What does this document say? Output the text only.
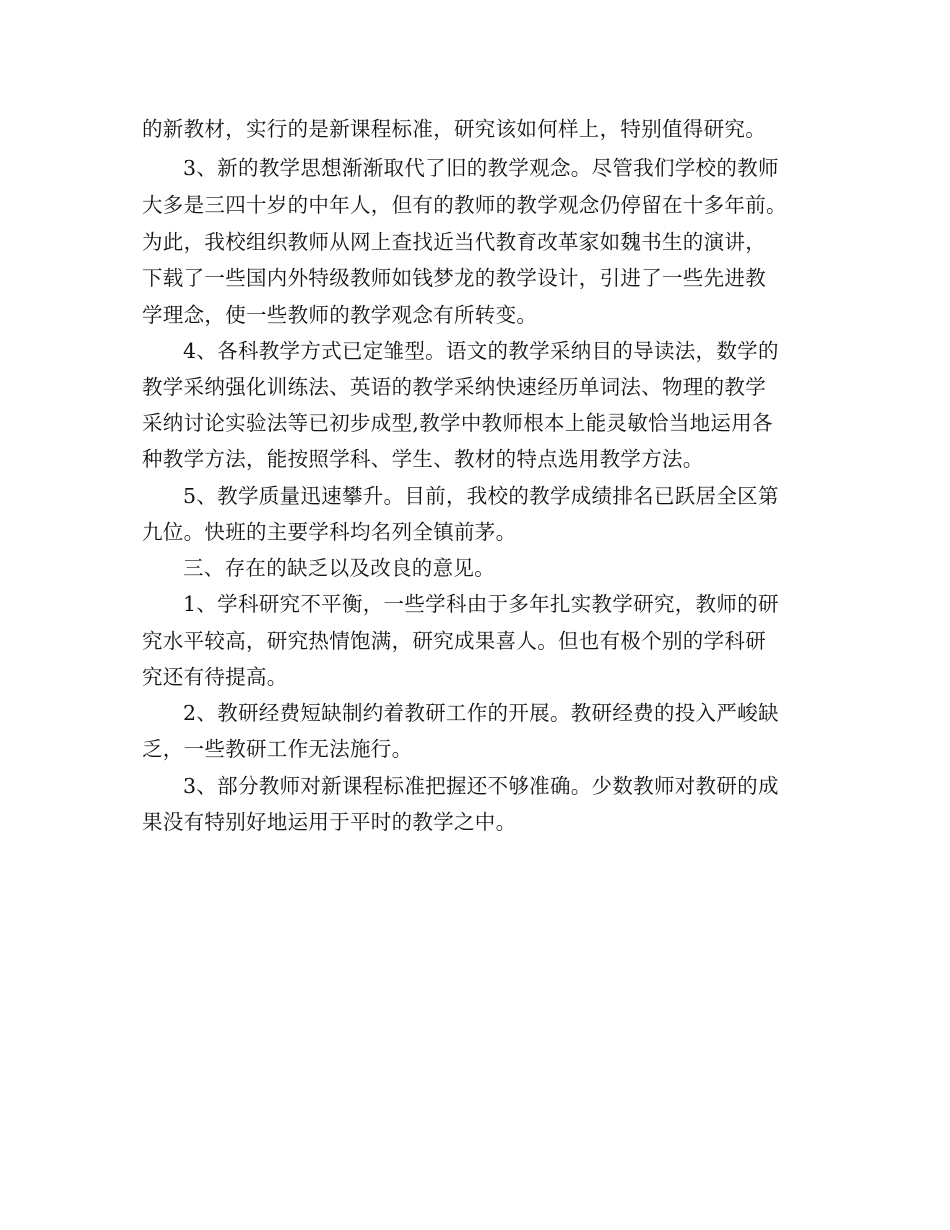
的新教材，实行的是新课程标准，研究该如何样上，特别值得研究。
3、新的教学思想渐渐取代了旧的教学观念。尽管我们学校的教师
大多是三四十岁的中年人，但有的教师的教学观念仍停留在十多年前。
为此，我校组织教师从网上查找近当代教育改革家如魏书生的演讲，
下载了一些国内外特级教师如钱梦龙的教学设计，引进了一些先进教
学理念，使一些教师的教学观念有所转变。
4、各科教学方式已定雏型。语文的教学采纳目的导读法，数学的
教学采纳强化训练法、英语的教学采纳快速经历单词法、物理的教学
采纳讨论实验法等已初步成型,教学中教师根本上能灵敏恰当地运用各
种教学方法，能按照学科、学生、教材的特点选用教学方法。
5、教学质量迅速攀升。目前，我校的教学成绩排名已跃居全区第
九位。快班的主要学科均名列全镇前茅。
三、存在的缺乏以及改良的意见。
1、学科研究不平衡，一些学科由于多年扎实教学研究，教师的研
究水平较高，研究热情饱满，研究成果喜人。但也有极个别的学科研
究还有待提高。
2、教研经费短缺制约着教研工作的开展。教研经费的投入严峻缺
乏，一些教研工作无法施行。
3、部分教师对新课程标准把握还不够准确。少数教师对教研的成
果没有特别好地运用于平时的教学之中。
